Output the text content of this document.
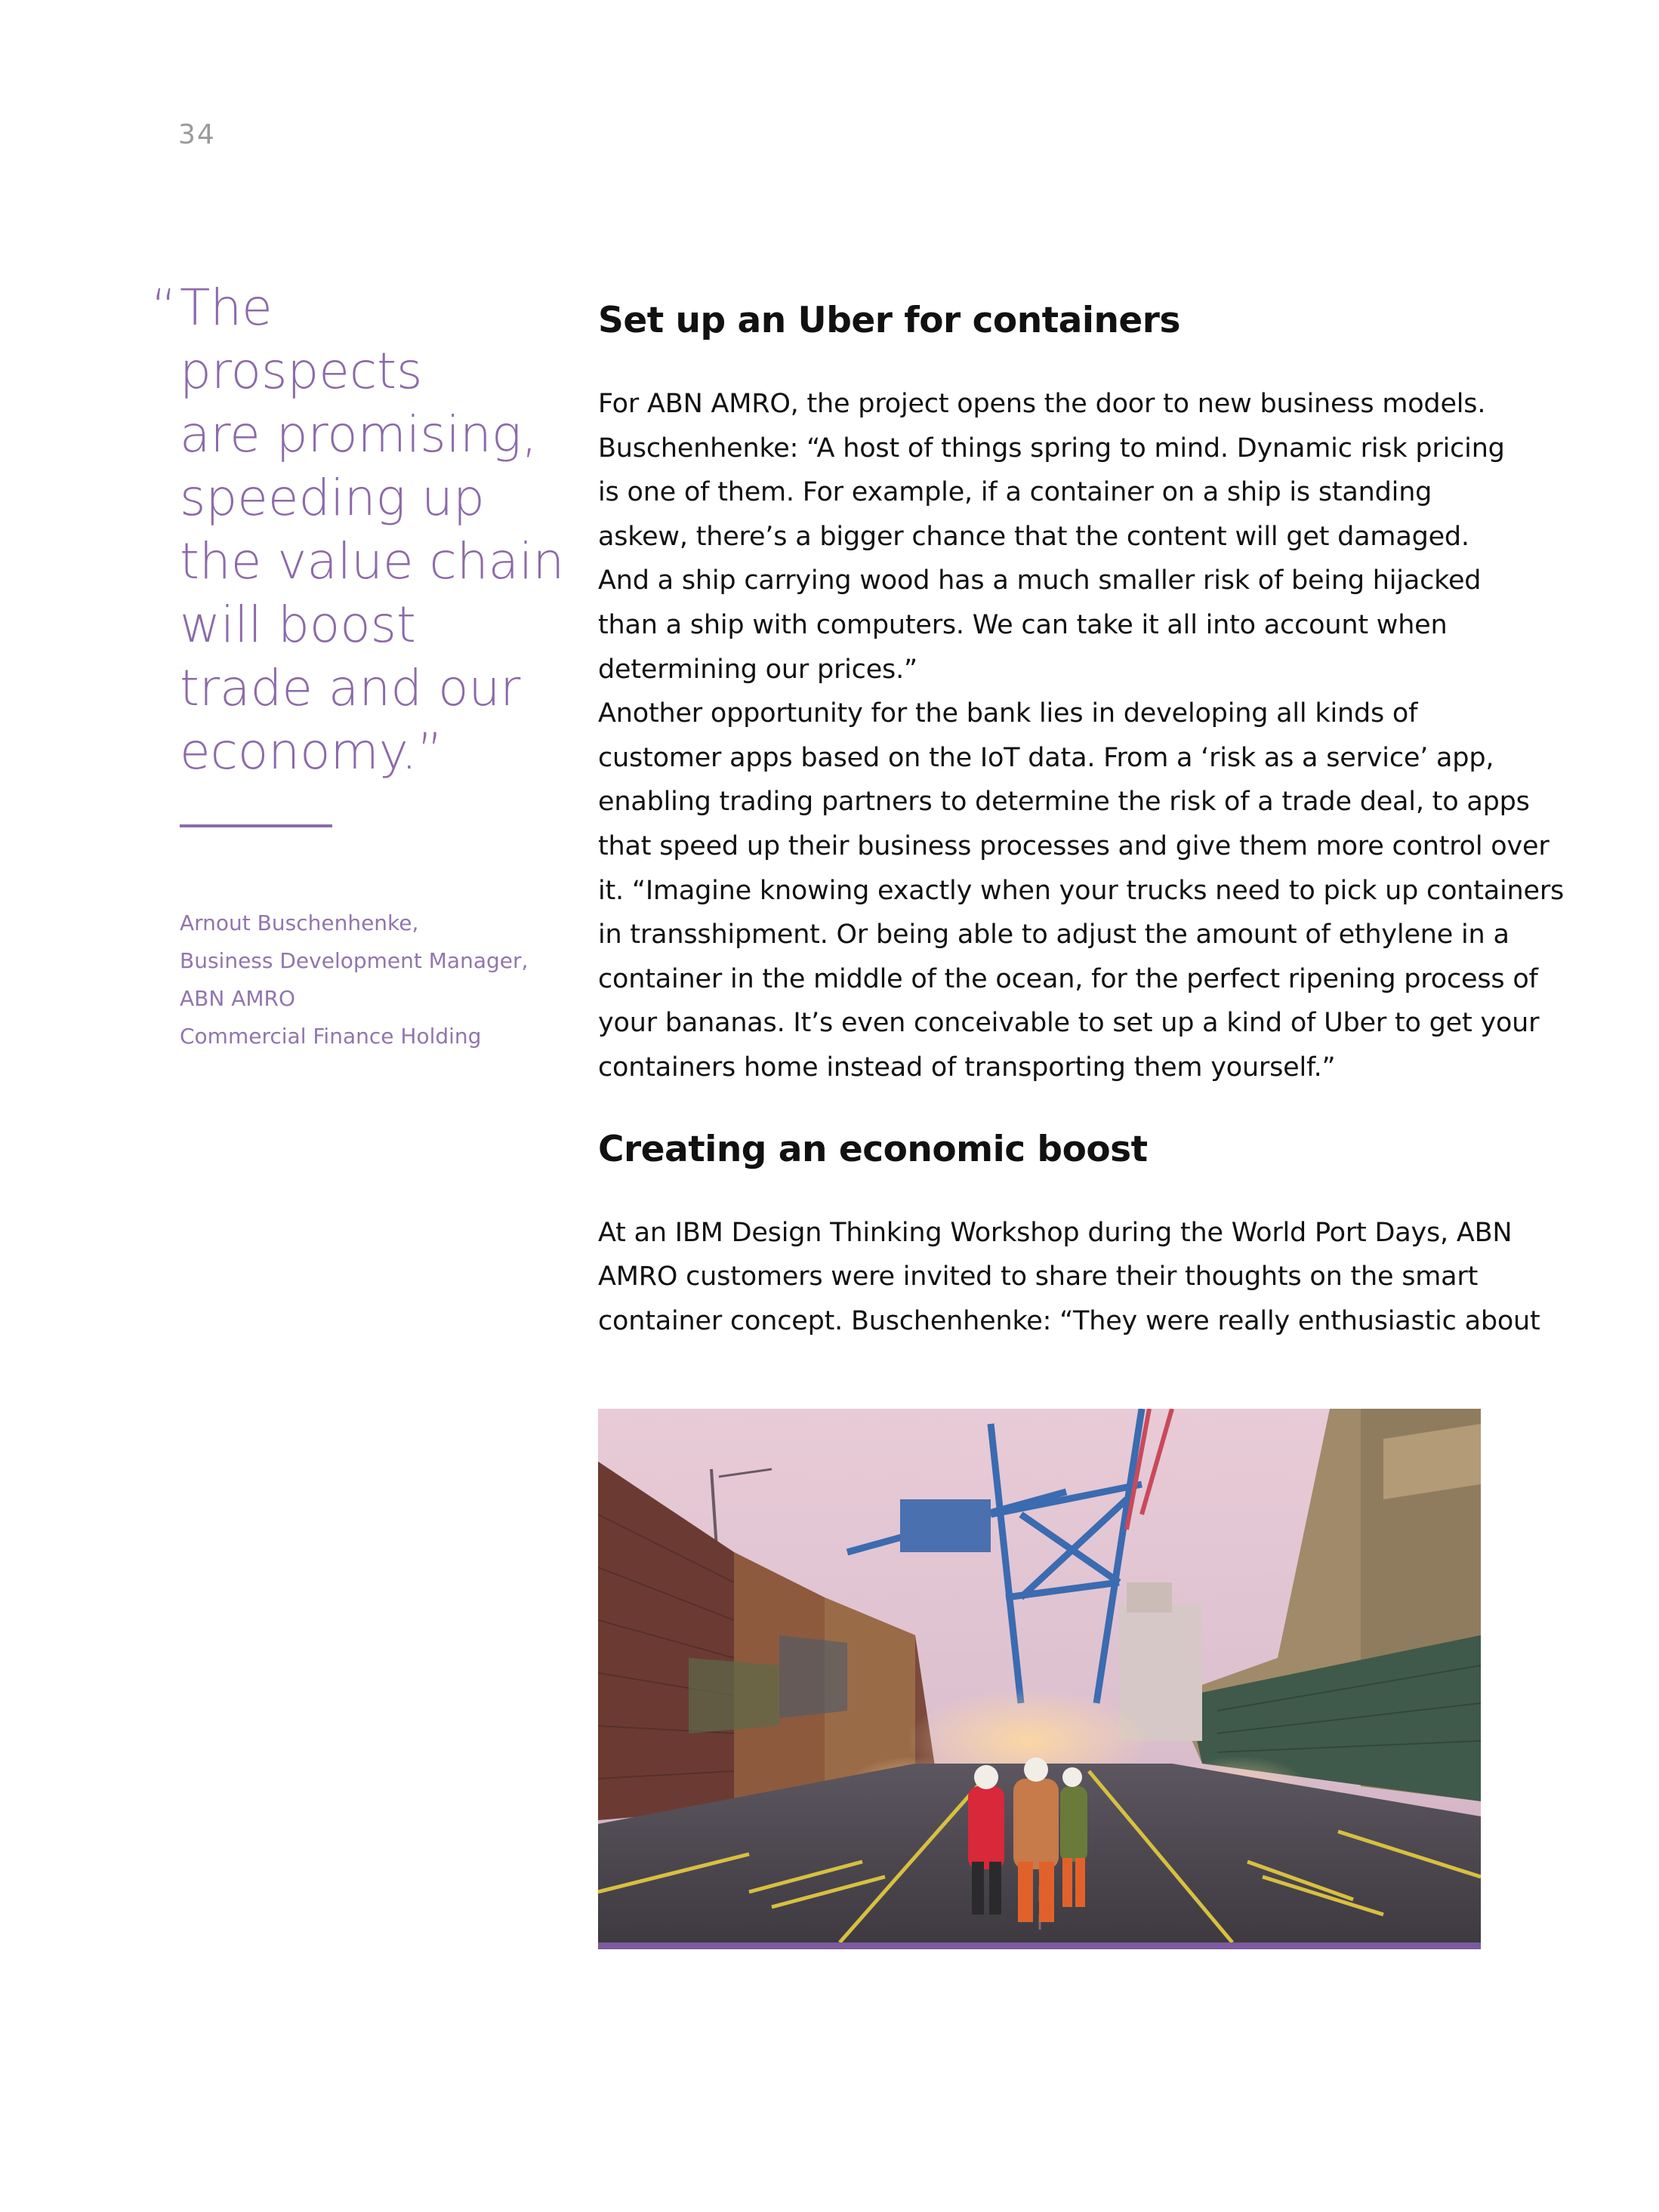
34
“ The
prospects
are promising,
speeding up
the value chain
will boost
trade and our
economy.”
Arnout Buschenhenke,
Business Development Manager,
ABN AMRO
Commercial Finance Holding
Set up an Uber for containers

For ABN AMRO, the project opens the door to new business models.

Buschenhenke: “A host of things spring to mind. Dynamic risk pricing

is one of them. For example, if a container on a ship is standing

askew, there’s a bigger chance that the content will get damaged.

And a ship carrying wood has a much smaller risk of being hijacked

than a ship with computers. We can take it all into account when

determining our prices.”

Another opportunity for the bank lies in developing all kinds of

customer apps based on the IoT data. From a ‘risk as a service’ app,

enabling trading partners to determine the risk of a trade deal, to apps

that speed up their business processes and give them more control over

it. “Imagine knowing exactly when your trucks need to pick up containers

in transshipment. Or being able to adjust the amount of ethylene in a

container in the middle of the ocean, for the perfect ripening process of

your bananas. It’s even conceivable to set up a kind of Uber to get your

containers home instead of transporting them yourself.”

Creating an economic boost

At an IBM Design Thinking Workshop during the World Port Days, ABN

AMRO customers were invited to share their thoughts on the smart

container concept. Buschenhenke: “They were really enthusiastic about
